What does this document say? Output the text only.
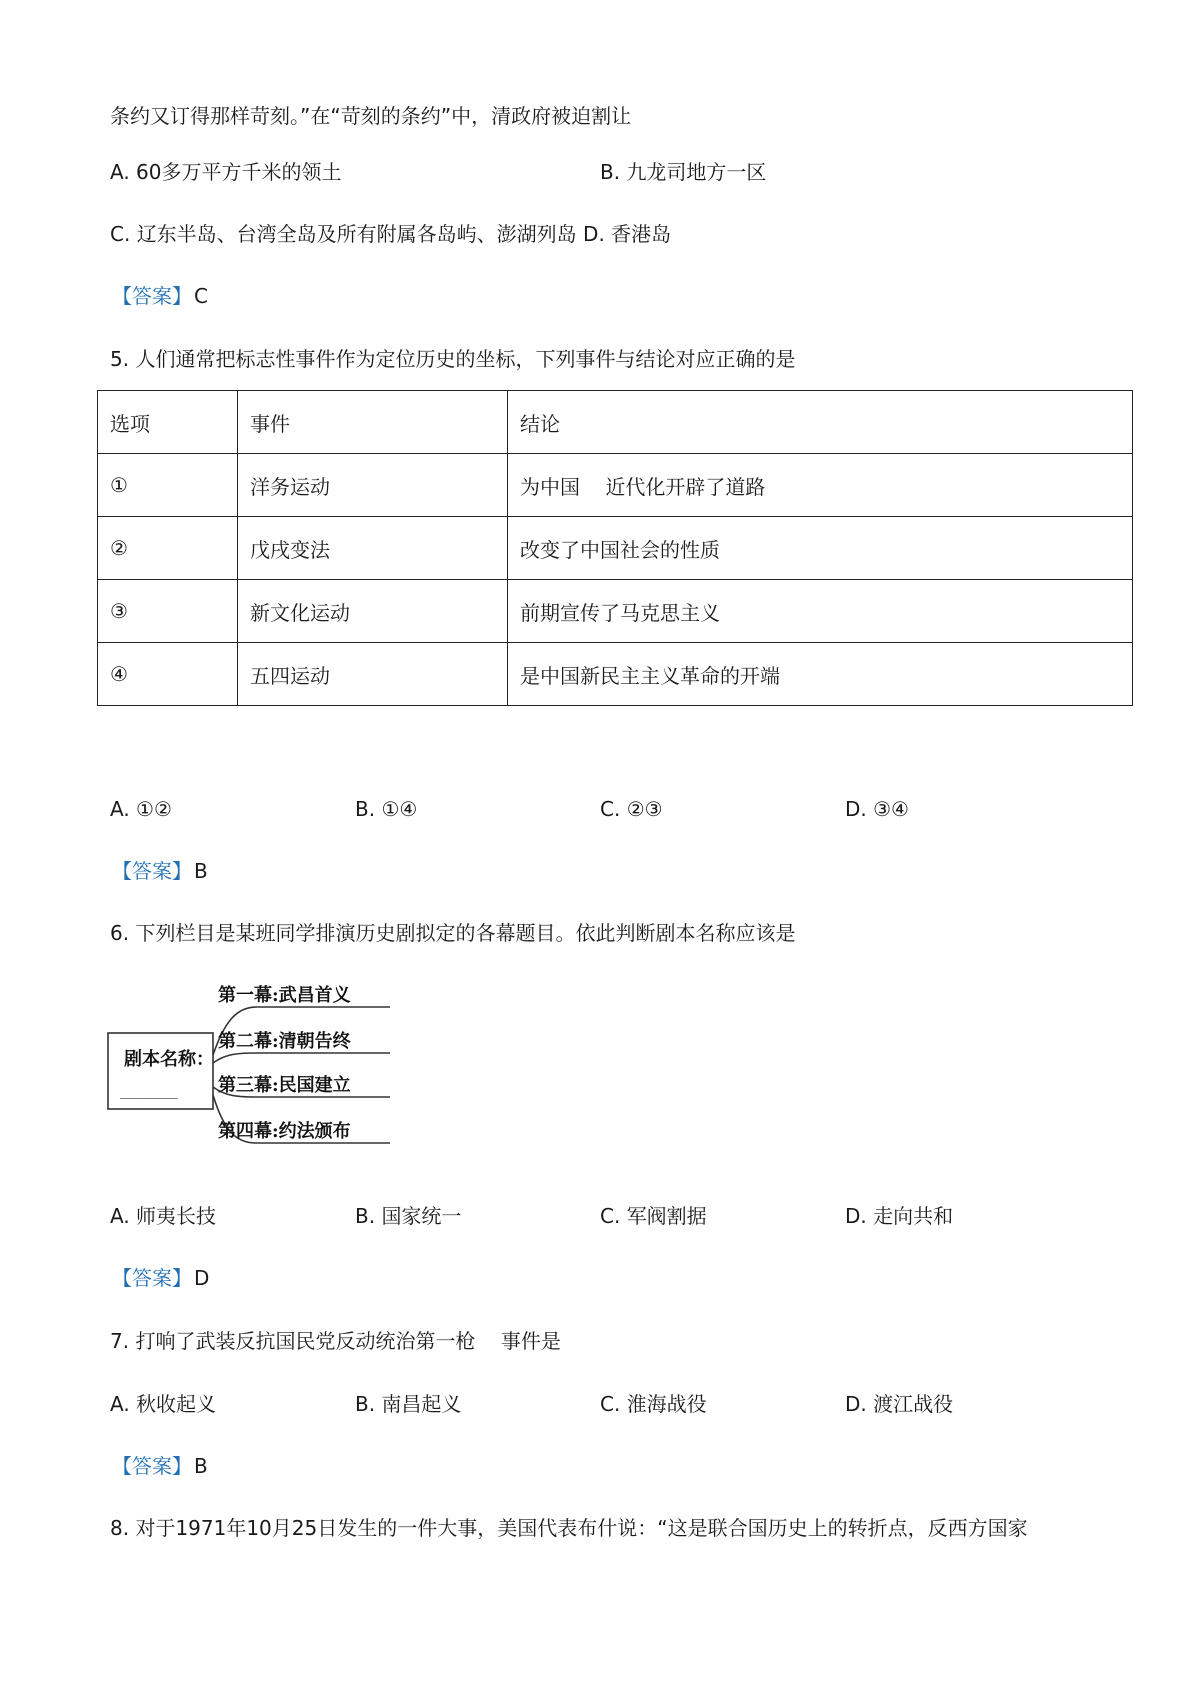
条约又订得那样苛刻。”在“苛刻的条约”中，清政府被迫割让
A. 60多万平方千米的领土	B. 九龙司地方一区
C. 辽东半岛、台湾全岛及所有附属各岛屿、澎湖列岛 D. 香港岛
【答案】 C
5. 人们通常把标志性事件作为定位历史的坐标，下列事件与结论对应正确的是
选项	事件	结论
①	洋务运动	为中国    近代化开辟了道路
②	戊戌变法	改变了中国社会的性质
③	新文化运动	前期宣传了马克思主义
④	五四运动	是中国新民主主义革命的开端
A. ①②	B. ①④	C. ②③	D. ③④
【答案】 B
6. 下列栏目是某班同学排演历史剧拟定的各幕题目。依此判断剧本名称应该是
剧本名称：
______
第一幕:武昌首义
第二幕:清朝告终
第三幕:民国建立
第四幕:约法颁布
A. 师夷长技	B. 国家统一	C. 军阀割据	D. 走向共和
【答案】 D
7. 打响了武装反抗国民党反动统治第一枪    事件是
A. 秋收起义	B. 南昌起义	C. 淮海战役	D. 渡江战役
【答案】 B
8. 对于1971年10月25日发生的一件大事，美国代表布什说：“这是联合国历史上的转折点，反西方国家
